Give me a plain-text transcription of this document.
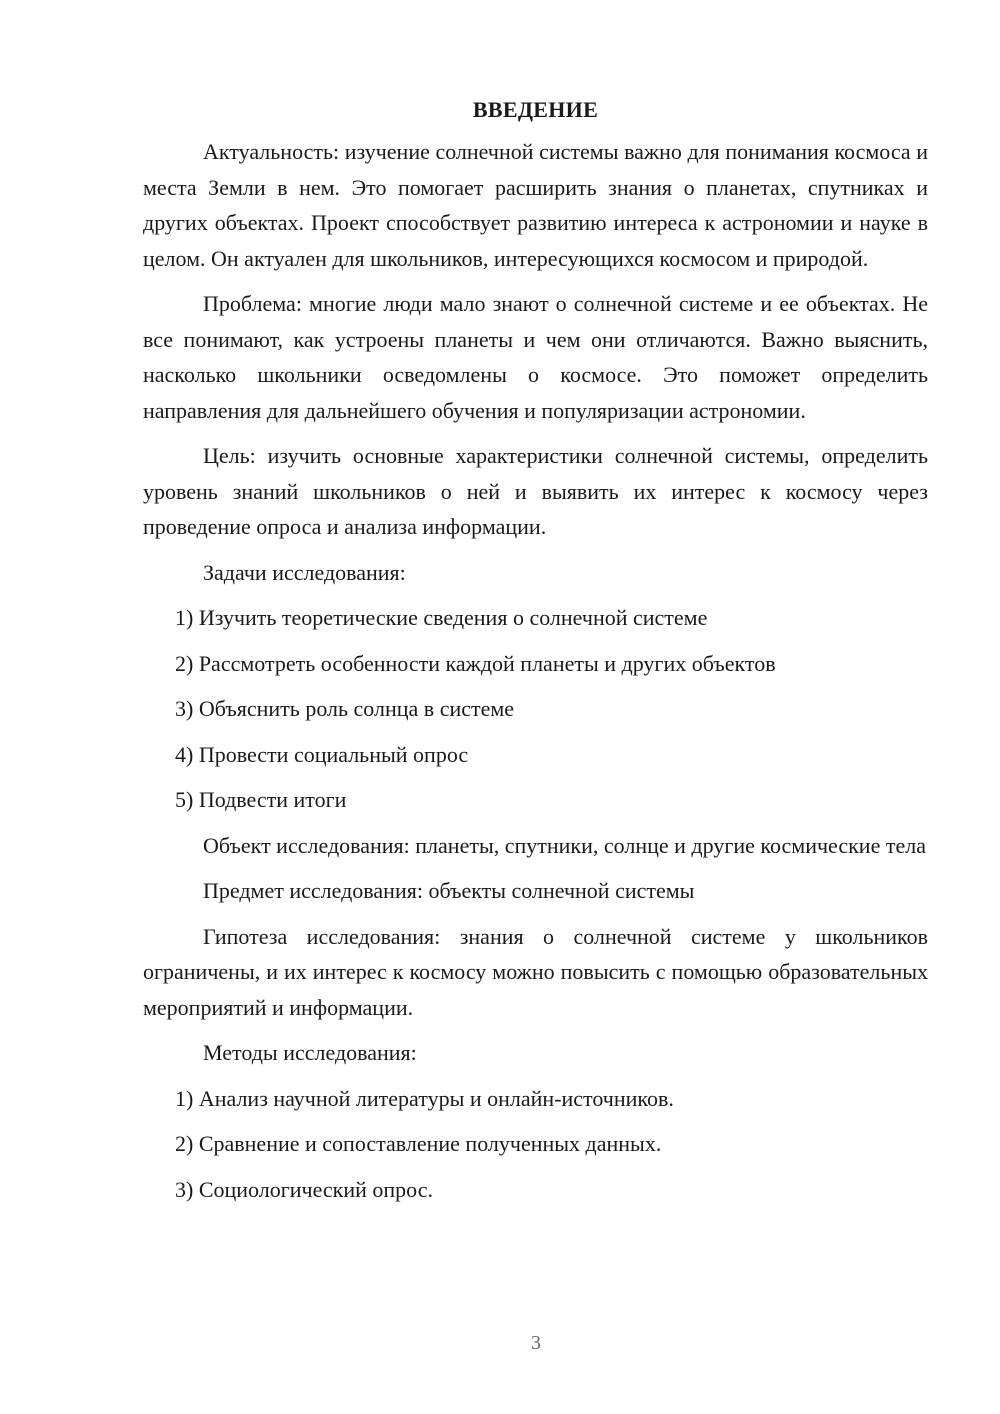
ВВЕДЕНИЕ

Актуальность: изучение солнечной системы важно для понимания космоса и места Земли в нем. Это помогает расширить знания о планетах, спутниках и других объектах. Проект способствует развитию интереса к астрономии и науке в целом. Он актуален для школьников, интересующихся космосом и природой.

Проблема: многие люди мало знают о солнечной системе и ее объектах. Не все понимают, как устроены планеты и чем они отличаются. Важно выяснить, насколько школьники осведомлены о космосе. Это поможет определить направления для дальнейшего обучения и популяризации астрономии.

Цель: изучить основные характеристики солнечной системы, определить уровень знаний школьников о ней и выявить их интерес к космосу через проведение опроса и анализа информации.

Задачи исследования:

1) Изучить теоретические сведения о солнечной системе

2) Рассмотреть особенности каждой планеты и других объектов

3) Объяснить роль солнца в системе

4) Провести социальный опрос

5) Подвести итоги

Объект исследования: планеты, спутники, солнце и другие космические тела

Предмет исследования: объекты солнечной системы

Гипотеза исследования: знания о солнечной системе у школьников ограничены, и их интерес к космосу можно повысить с помощью образовательных мероприятий и информации.

Методы исследования:

1) Анализ научной литературы и онлайн-источников.

2) Сравнение и сопоставление полученных данных.

3) Социологический опрос.

3
